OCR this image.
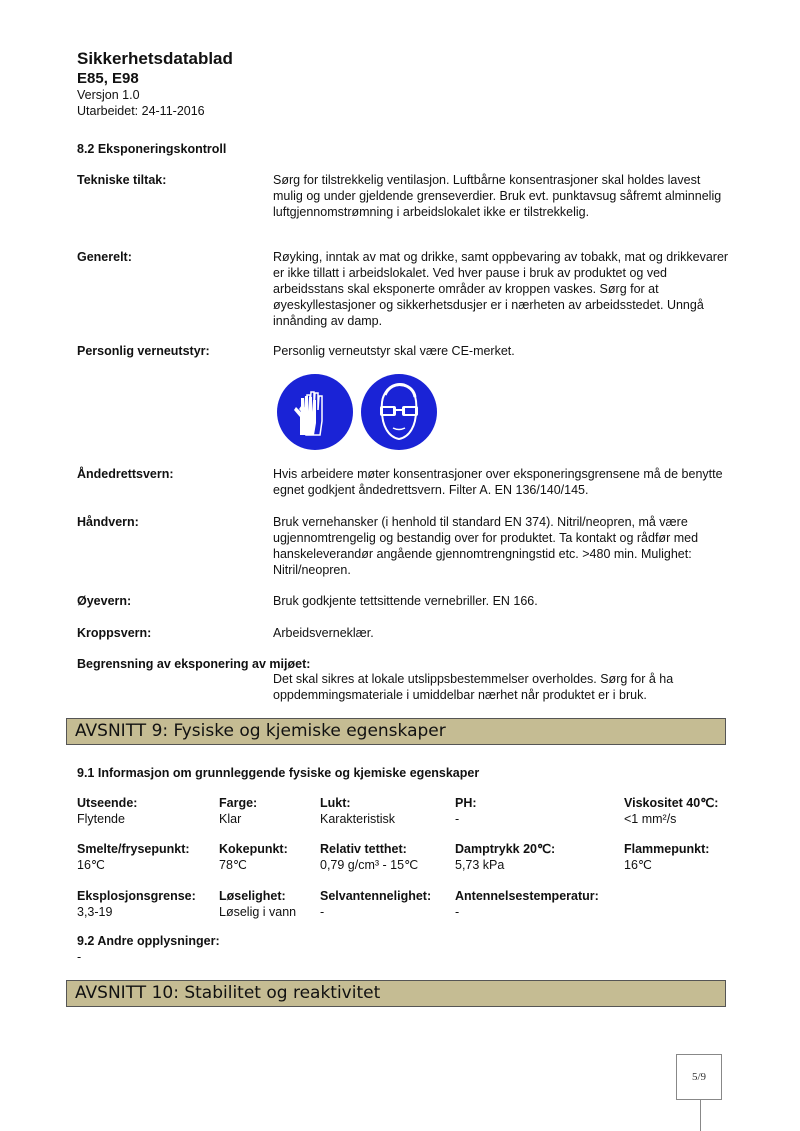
Sikkerhetsdatablad
E85, E98
Versjon 1.0
Utarbeidet: 24-11-2016
8.2 Eksponeringskontroll
Tekniske tiltak:	Sørg for tilstrekkelig ventilasjon. Luftbårne konsentrasjoner skal holdes lavest mulig og under gjeldende grenseverdier. Bruk evt. punktavsug såfremt alminnelig luftgjennomstrømning i arbeidslokalet ikke er tilstrekkelig.
Generelt:	Røyking, inntak av mat og drikke, samt oppbevaring av tobakk, mat og drikkevarer er ikke tillatt i arbeidslokalet. Ved hver pause i bruk av produktet og ved arbeidsstans skal eksponerte områder av kroppen vaskes. Sørg for at øyeskyllestasjoner og sikkerhetsdusjer er i nærheten av arbeidsstedet. Unngå innånding av damp.
Personlig verneutstyr:	Personlig verneutstyr skal være CE-merket.
Åndedrettsvern:	Hvis arbeidere møter konsentrasjoner over eksponeringsgrensene må de benytte egnet godkjent åndedrettsvern. Filter A. EN 136/140/145.
Håndvern:	Bruk vernehansker (i henhold til standard EN 374). Nitril/neopren, må være ugjennomtrengelig og bestandig over for produktet. Ta kontakt og rådfør med hanskeleverandør angående gjennomtrengningstid etc. >480 min. Mulighet: Nitril/neopren.
Øyevern:	Bruk godkjente tettsittende vernebriller. EN 166.
Kroppsvern:	Arbeidsverneklær.
Begrensning av eksponering av mijøet:
Det skal sikres at lokale utslippsbestemmelser overholdes. Sørg for å ha oppdemmingsmateriale i umiddelbar nærhet når produktet er i bruk.
AVSNITT 9: Fysiske og kjemiske egenskaper
9.1 Informasjon om grunnleggende fysiske og kjemiske egenskaper
Utseende:
Flytende
Farge:
Klar
Lukt:
Karakteristisk
PH:
-
Viskositet 40℃:
<1 mm²/s
Smelte/frysepunkt:
16℃
Kokepunkt:
78℃
Relativ tetthet:
0,79 g/cm³ - 15℃
Damptrykk 20℃:
5,73 kPa
Flammepunkt:
16℃
Eksplosjonsgrense:
3,3-19
Løselighet:
Løselig i vann
Selvantennelighet:
-
Antennelsestemperatur:
-
9.2 Andre opplysninger:
-
AVSNITT 10: Stabilitet og reaktivitet
5/9
